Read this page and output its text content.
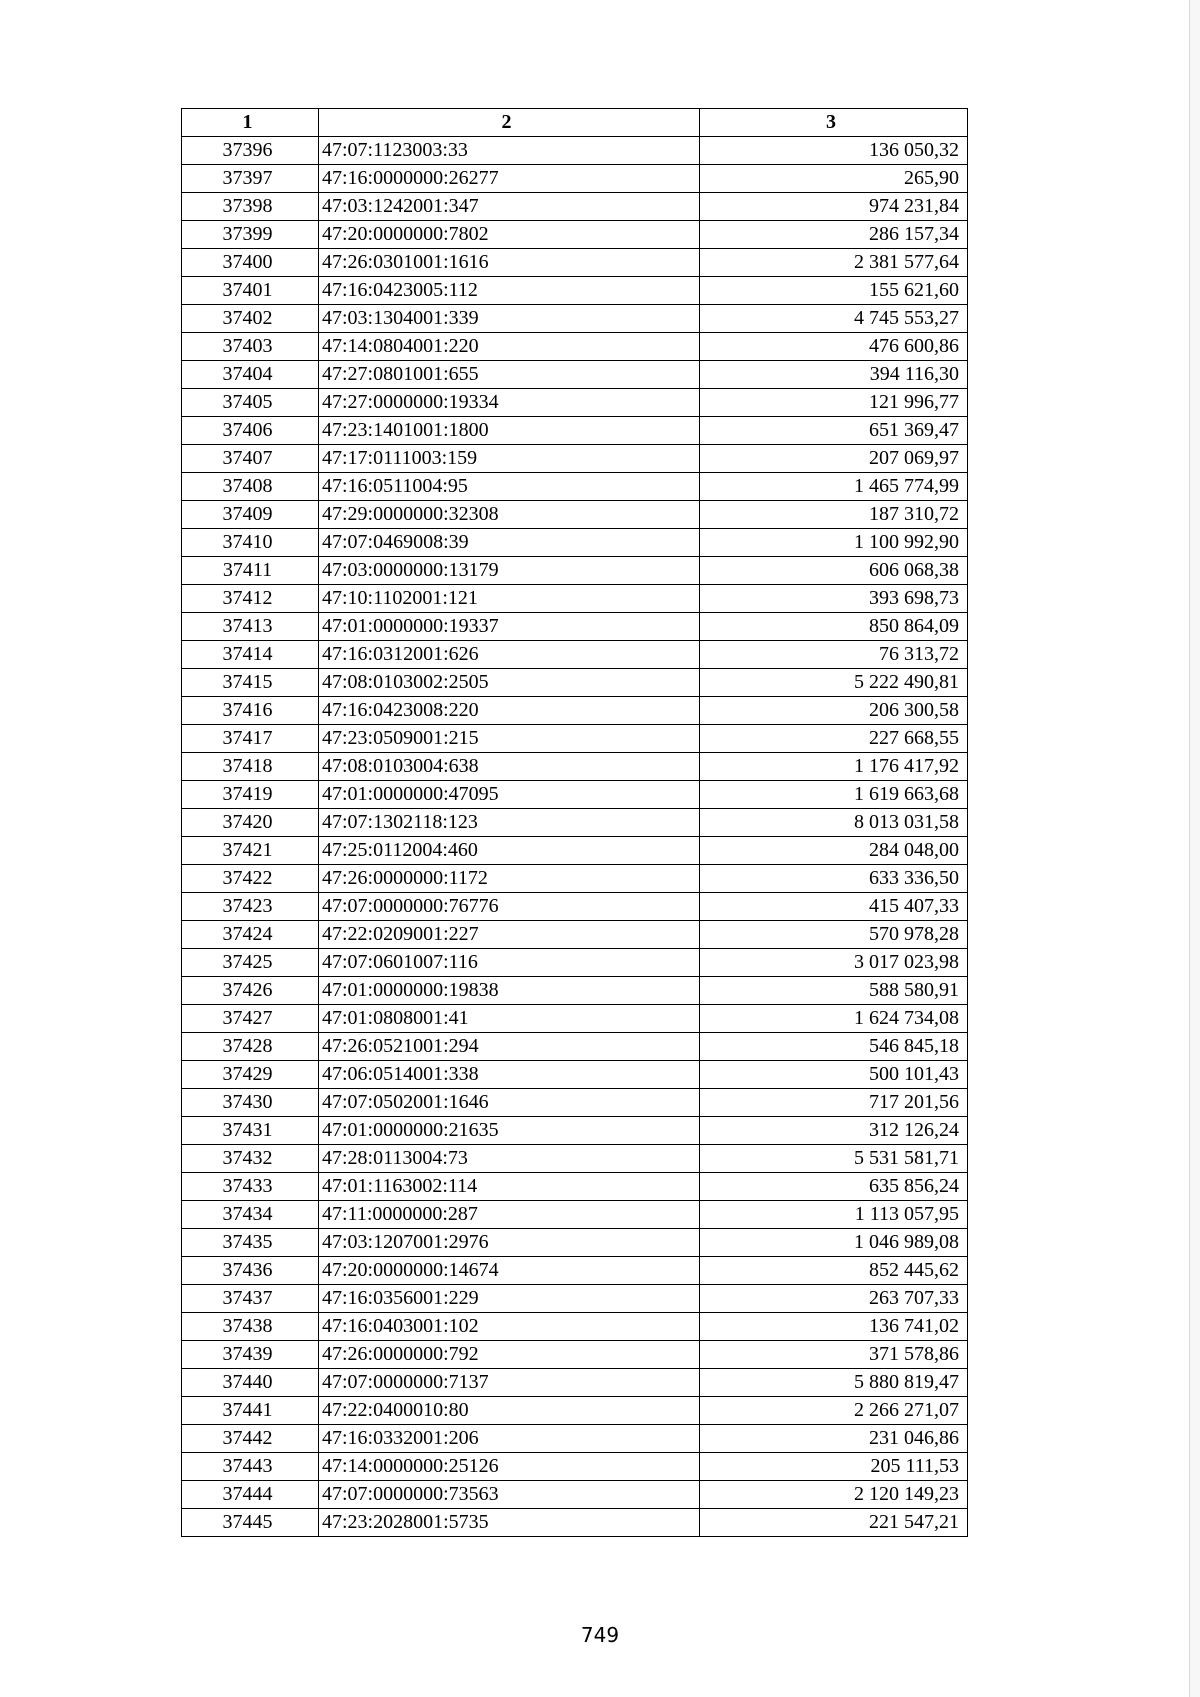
1	2	3
37396	47:07:1123003:33	136 050,32
37397	47:16:0000000:26277	265,90
37398	47:03:1242001:347	974 231,84
37399	47:20:0000000:7802	286 157,34
37400	47:26:0301001:1616	2 381 577,64
37401	47:16:0423005:112	155 621,60
37402	47:03:1304001:339	4 745 553,27
37403	47:14:0804001:220	476 600,86
37404	47:27:0801001:655	394 116,30
37405	47:27:0000000:19334	121 996,77
37406	47:23:1401001:1800	651 369,47
37407	47:17:0111003:159	207 069,97
37408	47:16:0511004:95	1 465 774,99
37409	47:29:0000000:32308	187 310,72
37410	47:07:0469008:39	1 100 992,90
37411	47:03:0000000:13179	606 068,38
37412	47:10:1102001:121	393 698,73
37413	47:01:0000000:19337	850 864,09
37414	47:16:0312001:626	76 313,72
37415	47:08:0103002:2505	5 222 490,81
37416	47:16:0423008:220	206 300,58
37417	47:23:0509001:215	227 668,55
37418	47:08:0103004:638	1 176 417,92
37419	47:01:0000000:47095	1 619 663,68
37420	47:07:1302118:123	8 013 031,58
37421	47:25:0112004:460	284 048,00
37422	47:26:0000000:1172	633 336,50
37423	47:07:0000000:76776	415 407,33
37424	47:22:0209001:227	570 978,28
37425	47:07:0601007:116	3 017 023,98
37426	47:01:0000000:19838	588 580,91
37427	47:01:0808001:41	1 624 734,08
37428	47:26:0521001:294	546 845,18
37429	47:06:0514001:338	500 101,43
37430	47:07:0502001:1646	717 201,56
37431	47:01:0000000:21635	312 126,24
37432	47:28:0113004:73	5 531 581,71
37433	47:01:1163002:114	635 856,24
37434	47:11:0000000:287	1 113 057,95
37435	47:03:1207001:2976	1 046 989,08
37436	47:20:0000000:14674	852 445,62
37437	47:16:0356001:229	263 707,33
37438	47:16:0403001:102	136 741,02
37439	47:26:0000000:792	371 578,86
37440	47:07:0000000:7137	5 880 819,47
37441	47:22:0400010:80	2 266 271,07
37442	47:16:0332001:206	231 046,86
37443	47:14:0000000:25126	205 111,53
37444	47:07:0000000:73563	2 120 149,23
37445	47:23:2028001:5735	221 547,21
749
